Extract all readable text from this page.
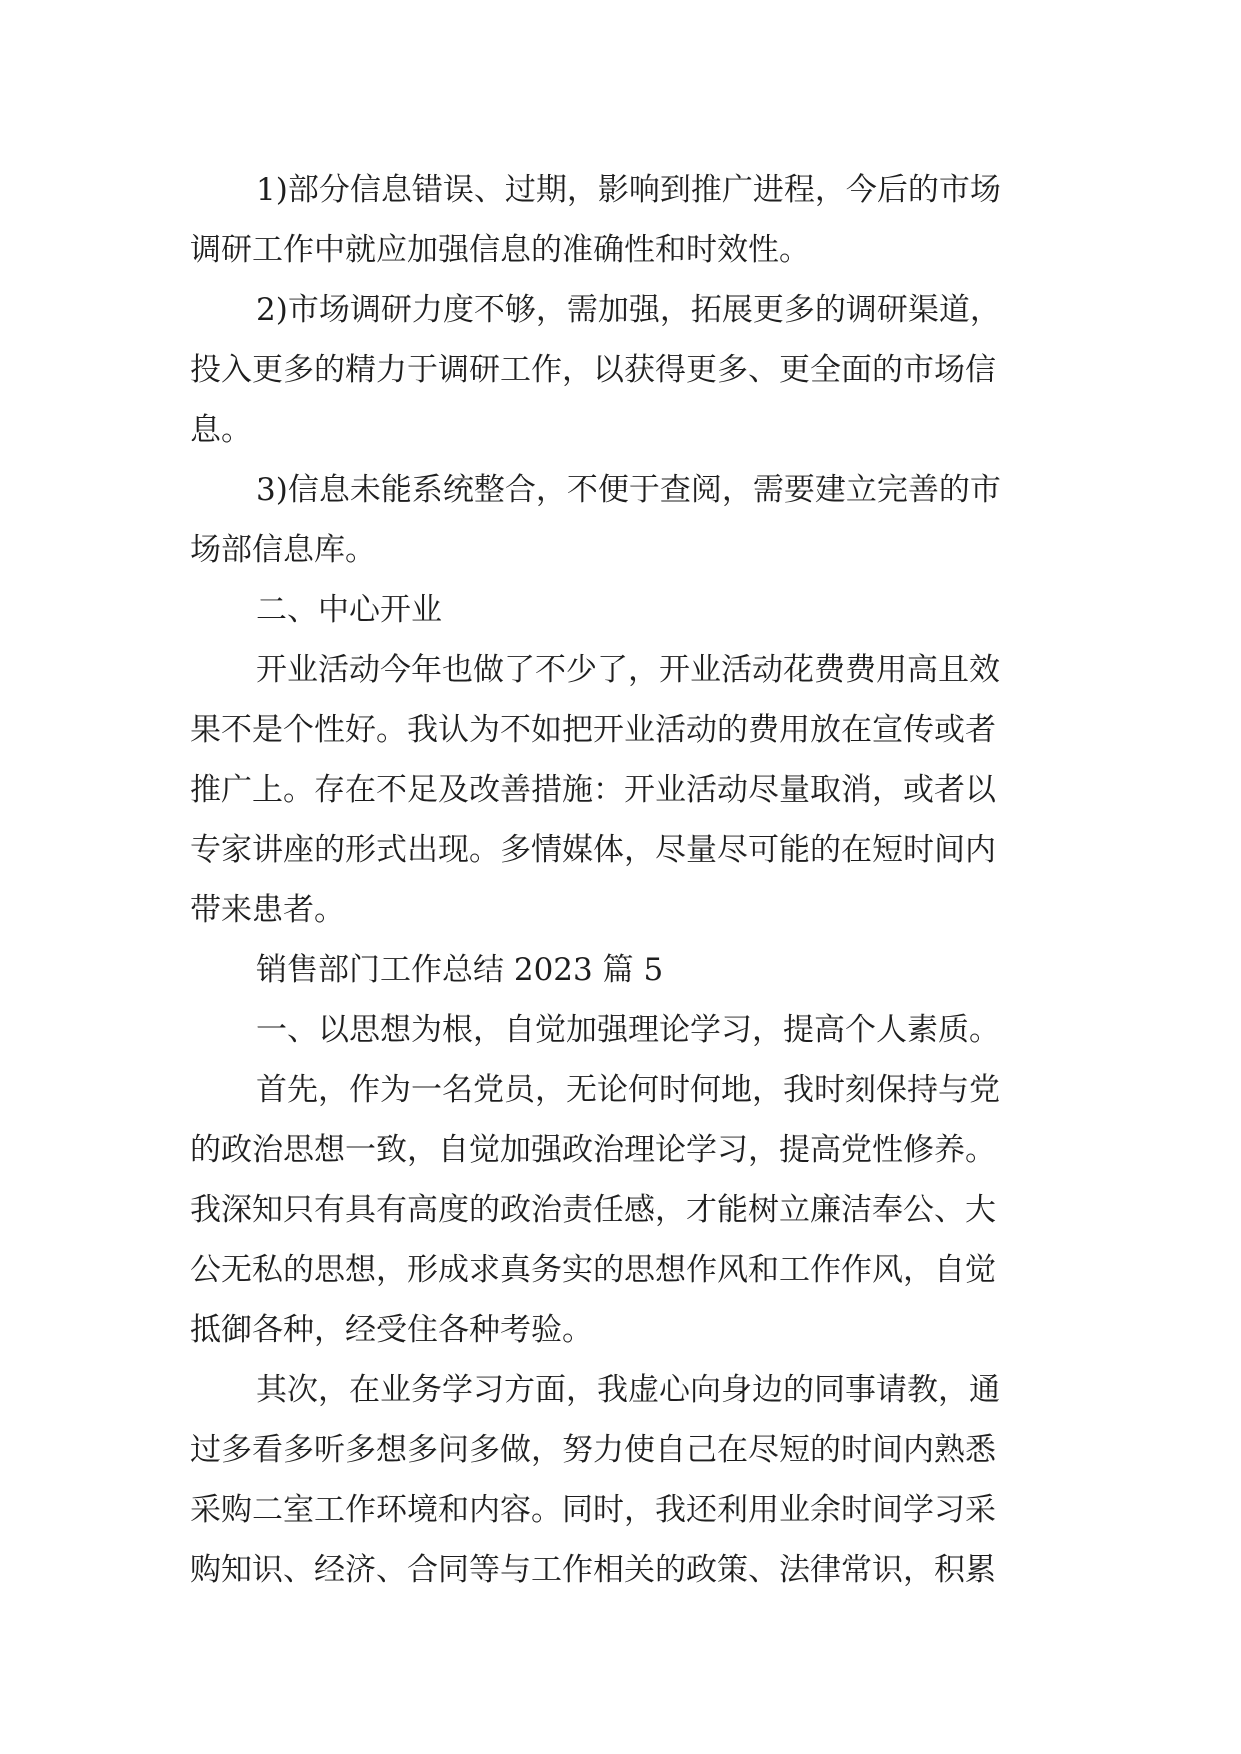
1)部分信息错误、过期，影响到推广进程，今后的市场
调研工作中就应加强信息的准确性和时效性。
2)市场调研力度不够，需加强，拓展更多的调研渠道，
投入更多的精力于调研工作，以获得更多、更全面的市场信
息。
3)信息未能系统整合，不便于查阅，需要建立完善的市
场部信息库。
二、中心开业
开业活动今年也做了不少了，开业活动花费费用高且效
果不是个性好。我认为不如把开业活动的费用放在宣传或者
推广上。存在不足及改善措施：开业活动尽量取消，或者以
专家讲座的形式出现。多情媒体，尽量尽可能的在短时间内
带来患者。
销售部门工作总结 2023 篇 5
一、以思想为根，自觉加强理论学习，提高个人素质。
首先，作为一名党员，无论何时何地，我时刻保持与党
的政治思想一致，自觉加强政治理论学习，提高党性修养。
我深知只有具有高度的政治责任感，才能树立廉洁奉公、大
公无私的思想，形成求真务实的思想作风和工作作风，自觉
抵御各种，经受住各种考验。
其次，在业务学习方面，我虚心向身边的同事请教，通
过多看多听多想多问多做，努力使自己在尽短的时间内熟悉
采购二室工作环境和内容。同时，我还利用业余时间学习采
购知识、经济、合同等与工作相关的政策、法律常识，积累
